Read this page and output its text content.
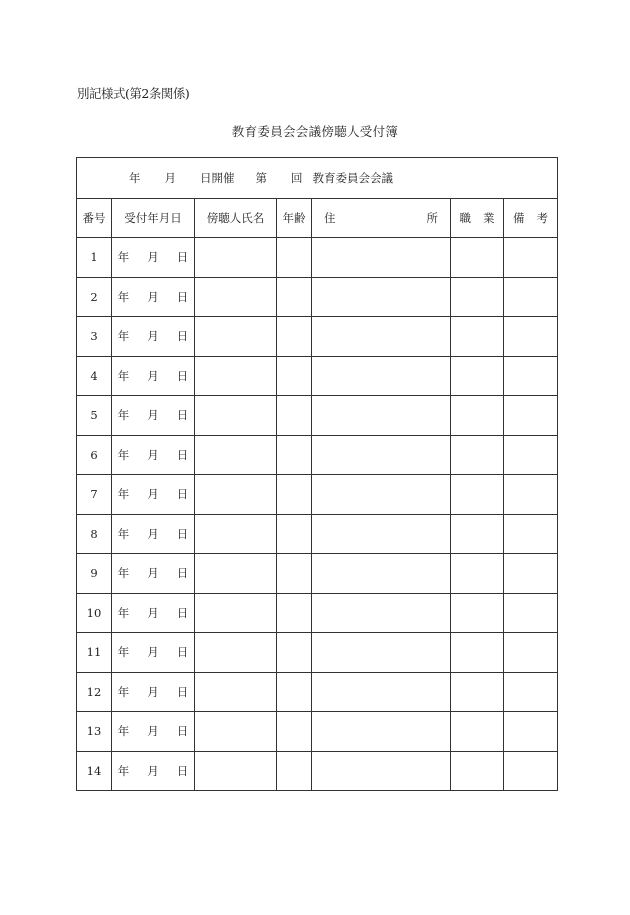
別記様式(第2条関係)
教育委員会会議傍聴人受付簿
年 月 日開催 第 回 教育委員会会議						
番号	受付年月日	傍聴人氏名	年齢	住 所	職 業	備 考
1	年 月 日					
2	年 月 日					
3	年 月 日					
4	年 月 日					
5	年 月 日					
6	年 月 日					
7	年 月 日					
8	年 月 日					
9	年 月 日					
10	年 月 日					
11	年 月 日					
12	年 月 日					
13	年 月 日					
14	年 月 日					
